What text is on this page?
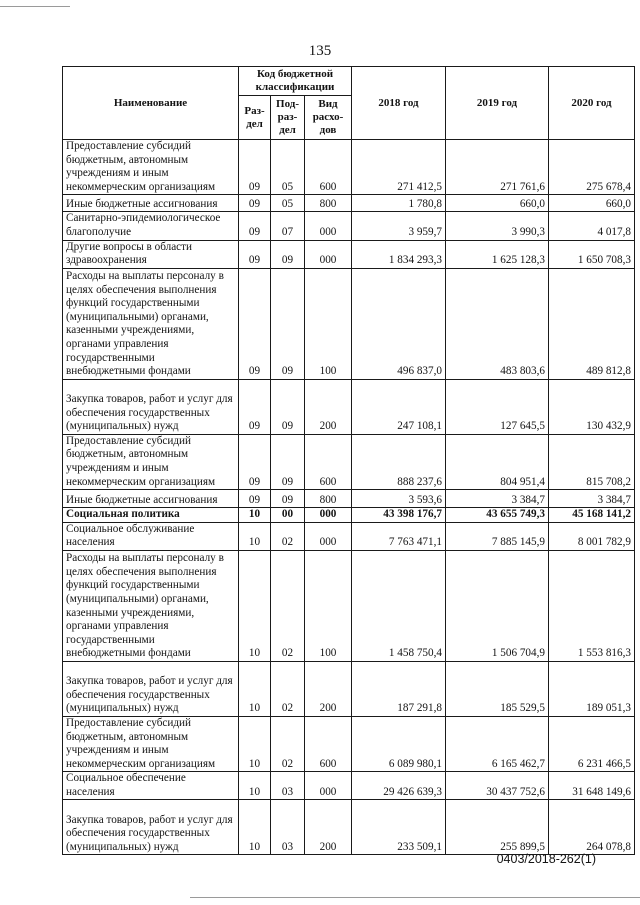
135
Наименование	Код бюджетной классификации			2018 год	2019 год	2020 год
	Раз-дел	Под-раз-дел	Вид расхо-дов			
Предоставление субсидий бюджетным, автономным учреждениям и иным некоммерческим организациям	09	05	600	271 412,5	271 761,6	275 678,4
Иные бюджетные ассигнования	09	05	800	1 780,8	660,0	660,0
Санитарно-эпидемиологическое благополучие	09	07	000	3 959,7	3 990,3	4 017,8
Другие вопросы в области здравоохранения	09	09	000	1 834 293,3	1 625 128,3	1 650 708,3
Расходы на выплаты персоналу в целях обеспечения выполнения функций государственными (муниципальными) органами, казенными учреждениями, органами управления государственными внебюджетными фондами	09	09	100	496 837,0	483 803,6	489 812,8
Закупка товаров, работ и услуг для обеспечения государственных (муниципальных) нужд	09	09	200	247 108,1	127 645,5	130 432,9
Предоставление субсидий бюджетным, автономным учреждениям и иным некоммерческим организациям	09	09	600	888 237,6	804 951,4	815 708,2
Иные бюджетные ассигнования	09	09	800	3 593,6	3 384,7	3 384,7
Социальная политика	10	00	000	43 398 176,7	43 655 749,3	45 168 141,2
Социальное обслуживание населения	10	02	000	7 763 471,1	7 885 145,9	8 001 782,9
Расходы на выплаты персоналу в целях обеспечения выполнения функций государственными (муниципальными) органами, казенными учреждениями, органами управления государственными внебюджетными фондами	10	02	100	1 458 750,4	1 506 704,9	1 553 816,3
Закупка товаров, работ и услуг для обеспечения государственных (муниципальных) нужд	10	02	200	187 291,8	185 529,5	189 051,3
Предоставление субсидий бюджетным, автономным учреждениям и иным некоммерческим организациям	10	02	600	6 089 980,1	6 165 462,7	6 231 466,5
Социальное обеспечение населения	10	03	000	29 426 639,3	30 437 752,6	31 648 149,6
Закупка товаров, работ и услуг для обеспечения государственных (муниципальных) нужд	10	03	200	233 509,1	255 899,5	264 078,8
0403/2018-262(1)
